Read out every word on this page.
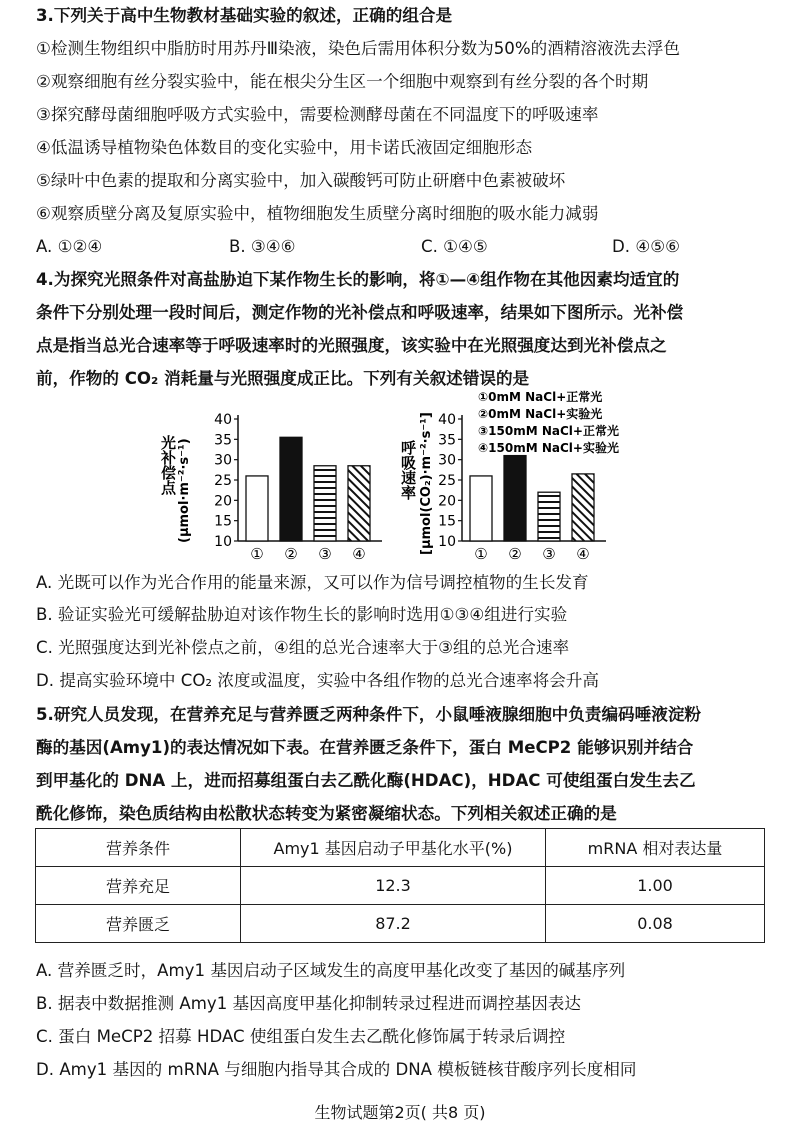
3.下列关于高中生物教材基础实验的叙述，正确的组合是
①检测生物组织中脂肪时用苏丹Ⅲ染液，染色后需用体积分数为50%的酒精溶液洗去浮色
②观察细胞有丝分裂实验中，能在根尖分生区一个细胞中观察到有丝分裂的各个时期
③探究酵母菌细胞呼吸方式实验中，需要检测酵母菌在不同温度下的呼吸速率
④低温诱导植物染色体数目的变化实验中，用卡诺氏液固定细胞形态
⑤绿叶中色素的提取和分离实验中，加入碳酸钙可防止研磨中色素被破坏
⑥观察质壁分离及复原实验中，植物细胞发生质壁分离时细胞的吸水能力减弱
A. ①②④	B. ③④⑥	C. ①④⑤	D. ④⑤⑥
4.为探究光照条件对高盐胁迫下某作物生长的影响，将①—④组作物在其他因素均适宜的
条件下分别处理一段时间后，测定作物的光补偿点和呼吸速率，结果如下图所示。光补偿
点是指当总光合速率等于呼吸速率时的光照强度，该实验中在光照强度达到光补偿点之
前，作物的 CO₂ 消耗量与光照强度成正比。下列有关叙述错误的是
光补偿点 (μmol·m⁻²·s⁻¹) 10
15
20
25
30
35
40
① ② ③ ④
呼吸速率 [μmol(CO₂)·m⁻²·s⁻¹] 10
15
20
25
30
35
40
① ② ③ ④
①0mM NaCl+正常光
②0mM NaCl+实验光
③150mM NaCl+正常光
④150mM NaCl+实验光
A. 光既可以作为光合作用的能量来源，又可以作为信号调控植物的生长发育
B. 验证实验光可缓解盐胁迫对该作物生长的影响时选用①③④组进行实验
C. 光照强度达到光补偿点之前，④组的总光合速率大于③组的总光合速率
D. 提高实验环境中 CO₂ 浓度或温度，实验中各组作物的总光合速率将会升高
5.研究人员发现，在营养充足与营养匮乏两种条件下，小鼠唾液腺细胞中负责编码唾液淀粉
酶的基因(Amy1)的表达情况如下表。在营养匮乏条件下，蛋白 MeCP2 能够识别并结合
到甲基化的 DNA 上，进而招募组蛋白去乙酰化酶(HDAC)，HDAC 可使组蛋白发生去乙
酰化修饰，染色质结构由松散状态转变为紧密凝缩状态。下列相关叙述正确的是
营养条件	Amy1 基因启动子甲基化水平(%)	mRNA 相对表达量
营养充足	12.3	1.00
营养匮乏	87.2	0.08
A. 营养匮乏时，Amy1 基因启动子区域发生的高度甲基化改变了基因的碱基序列
B. 据表中数据推测 Amy1 基因高度甲基化抑制转录过程进而调控基因表达
C. 蛋白 MeCP2 招募 HDAC 使组蛋白发生去乙酰化修饰属于转录后调控
D. Amy1 基因的 mRNA 与细胞内指导其合成的 DNA 模板链核苷酸序列长度相同
生物试题第2页( 共8 页)
